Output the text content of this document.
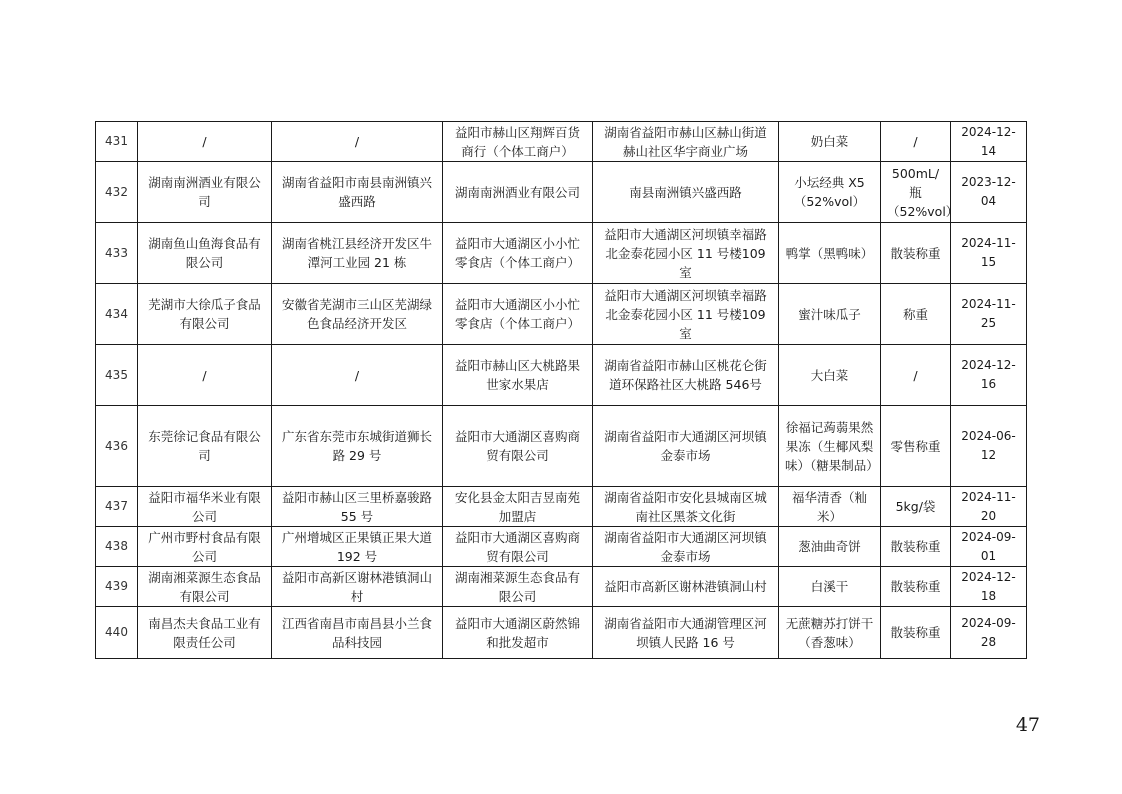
431	/	/	益阳市赫山区翔辉百货商行（个体工商户）	湖南省益阳市赫山区赫山街道赫山社区华宇商业广场	奶白菜	/	2024-12-14
432	湖南南洲酒业有限公司	湖南省益阳市南县南洲镇兴盛西路	湖南南洲酒业有限公司	南县南洲镇兴盛西路	小坛经典 X5（52%vol）	500mL/瓶（52%vol）	2023-12-04
433	湖南鱼山鱼海食品有限公司	湖南省桃江县经济开发区牛潭河工业园 21 栋	益阳市大通湖区小小忙零食店（个体工商户）	益阳市大通湖区河坝镇幸福路北金泰花园小区 11 号楼109 室	鸭掌（黑鸭味）	散装称重	2024-11-15
434	芜湖市大徐瓜子食品有限公司	安徽省芜湖市三山区芜湖绿色食品经济开发区	益阳市大通湖区小小忙零食店（个体工商户）	益阳市大通湖区河坝镇幸福路北金泰花园小区 11 号楼109 室	蜜汁味瓜子	称重	2024-11-25
435	/	/	益阳市赫山区大桃路果世家水果店	湖南省益阳市赫山区桃花仑街道环保路社区大桃路 546号	大白菜	/	2024-12-16
436	东莞徐记食品有限公司	广东省东莞市东城街道狮长路 29 号	益阳市大通湖区喜购商贸有限公司	湖南省益阳市大通湖区河坝镇金泰市场	徐福记蒟蒻果然果冻（生椰风梨味）（糖果制品）	零售称重	2024-06-12
437	益阳市福华米业有限公司	益阳市赫山区三里桥嘉骏路 55 号	安化县金太阳吉昱南苑加盟店	湖南省益阳市安化县城南区城南社区黑茶文化街	福华清香（籼米）	5kg/袋	2024-11-20
438	广州市野村食品有限公司	广州增城区正果镇正果大道 192 号	益阳市大通湖区喜购商贸有限公司	湖南省益阳市大通湖区河坝镇金泰市场	葱油曲奇饼	散装称重	2024-09-01
439	湖南湘菜源生态食品有限公司	益阳市高新区谢林港镇洞山村	湖南湘菜源生态食品有限公司	益阳市高新区谢林港镇洞山村	白溪干	散装称重	2024-12-18
440	南昌杰夫食品工业有限责任公司	江西省南昌市南昌县小兰食品科技园	益阳市大通湖区蔚然锦和批发超市	湖南省益阳市大通湖管理区河坝镇人民路 16 号	无蔗糖苏打饼干（香葱味）	散装称重	2024-09-28
47
